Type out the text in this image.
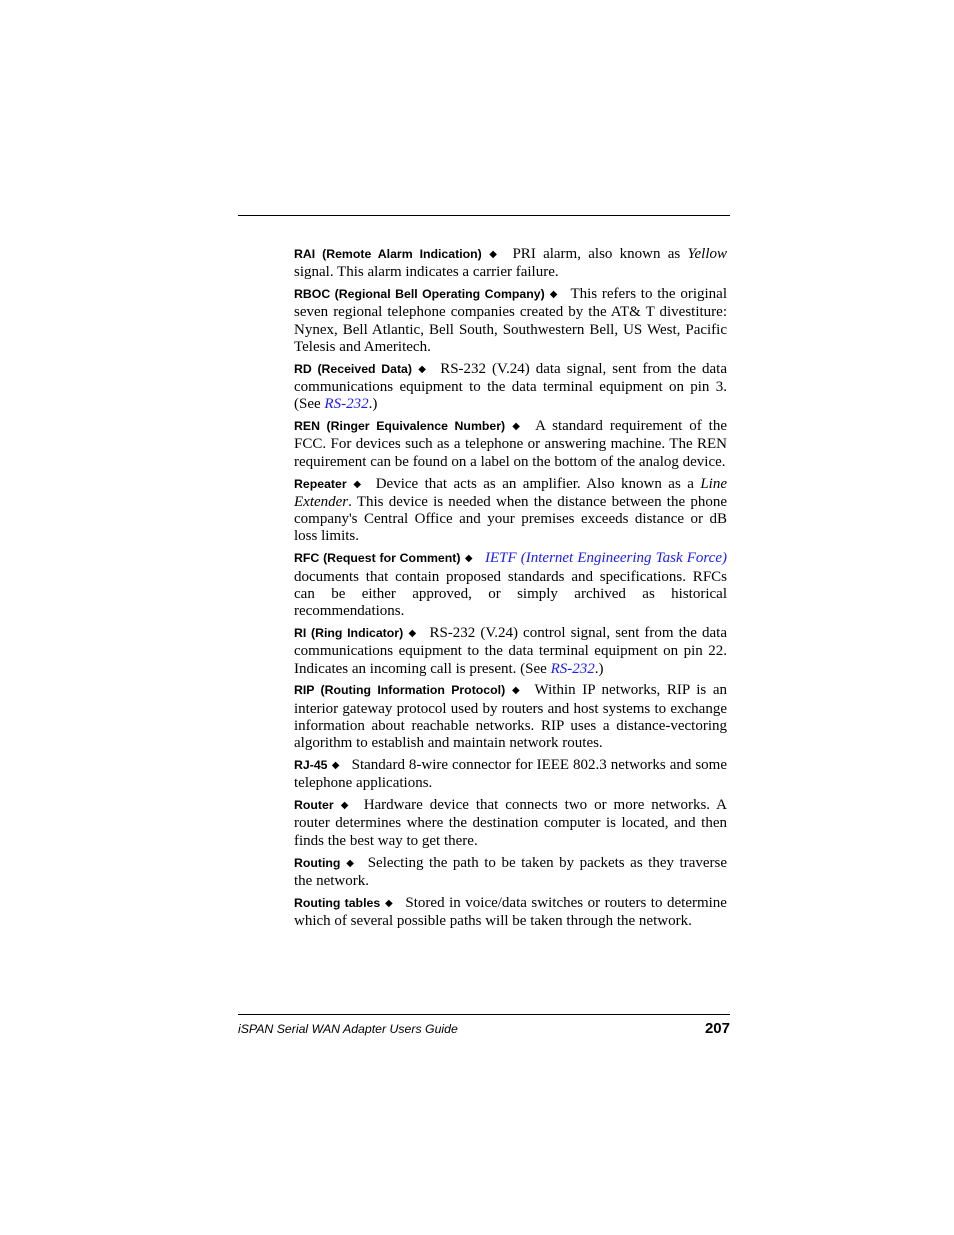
RAI (Remote Alarm Indication) ◆ PRI alarm, also known as Yellow signal. This alarm indicates a carrier failure.

RBOC (Regional Bell Operating Company) ◆ This refers to the original seven regional telephone companies created by the AT& T divestiture: Nynex, Bell Atlantic, Bell South, Southwestern Bell, US West, Pacific Telesis and Ameritech.

RD (Received Data) ◆ RS-232 (V.24) data signal, sent from the data communications equipment to the data terminal equipment on pin 3. (See RS-232.)

REN (Ringer Equivalence Number) ◆ A standard requirement of the FCC. For devices such as a telephone or answering machine. The REN requirement can be found on a label on the bottom of the analog device.

Repeater ◆ Device that acts as an amplifier. Also known as a Line Extender. This device is needed when the distance between the phone company's Central Office and your premises exceeds distance or dB loss limits.

RFC (Request for Comment) ◆ IETF (Internet Engineering Task Force) documents that contain proposed standards and specifications. RFCs can be either approved, or simply archived as historical recommendations.

RI (Ring Indicator) ◆ RS-232 (V.24) control signal, sent from the data communications equipment to the data terminal equipment on pin 22. Indicates an incoming call is present. (See RS-232.)

RIP (Routing Information Protocol) ◆ Within IP networks, RIP is an interior gateway protocol used by routers and host systems to exchange information about reachable networks. RIP uses a distance-vectoring algorithm to establish and maintain network routes.

RJ-45 ◆ Standard 8-wire connector for IEEE 802.3 networks and some telephone applications.

Router ◆ Hardware device that connects two or more networks. A router determines where the destination computer is located, and then finds the best way to get there.

Routing ◆ Selecting the path to be taken by packets as they traverse the network.

Routing tables ◆ Stored in voice/data switches or routers to determine which of several possible paths will be taken through the network.

iSPAN Serial WAN Adapter Users Guide	207
